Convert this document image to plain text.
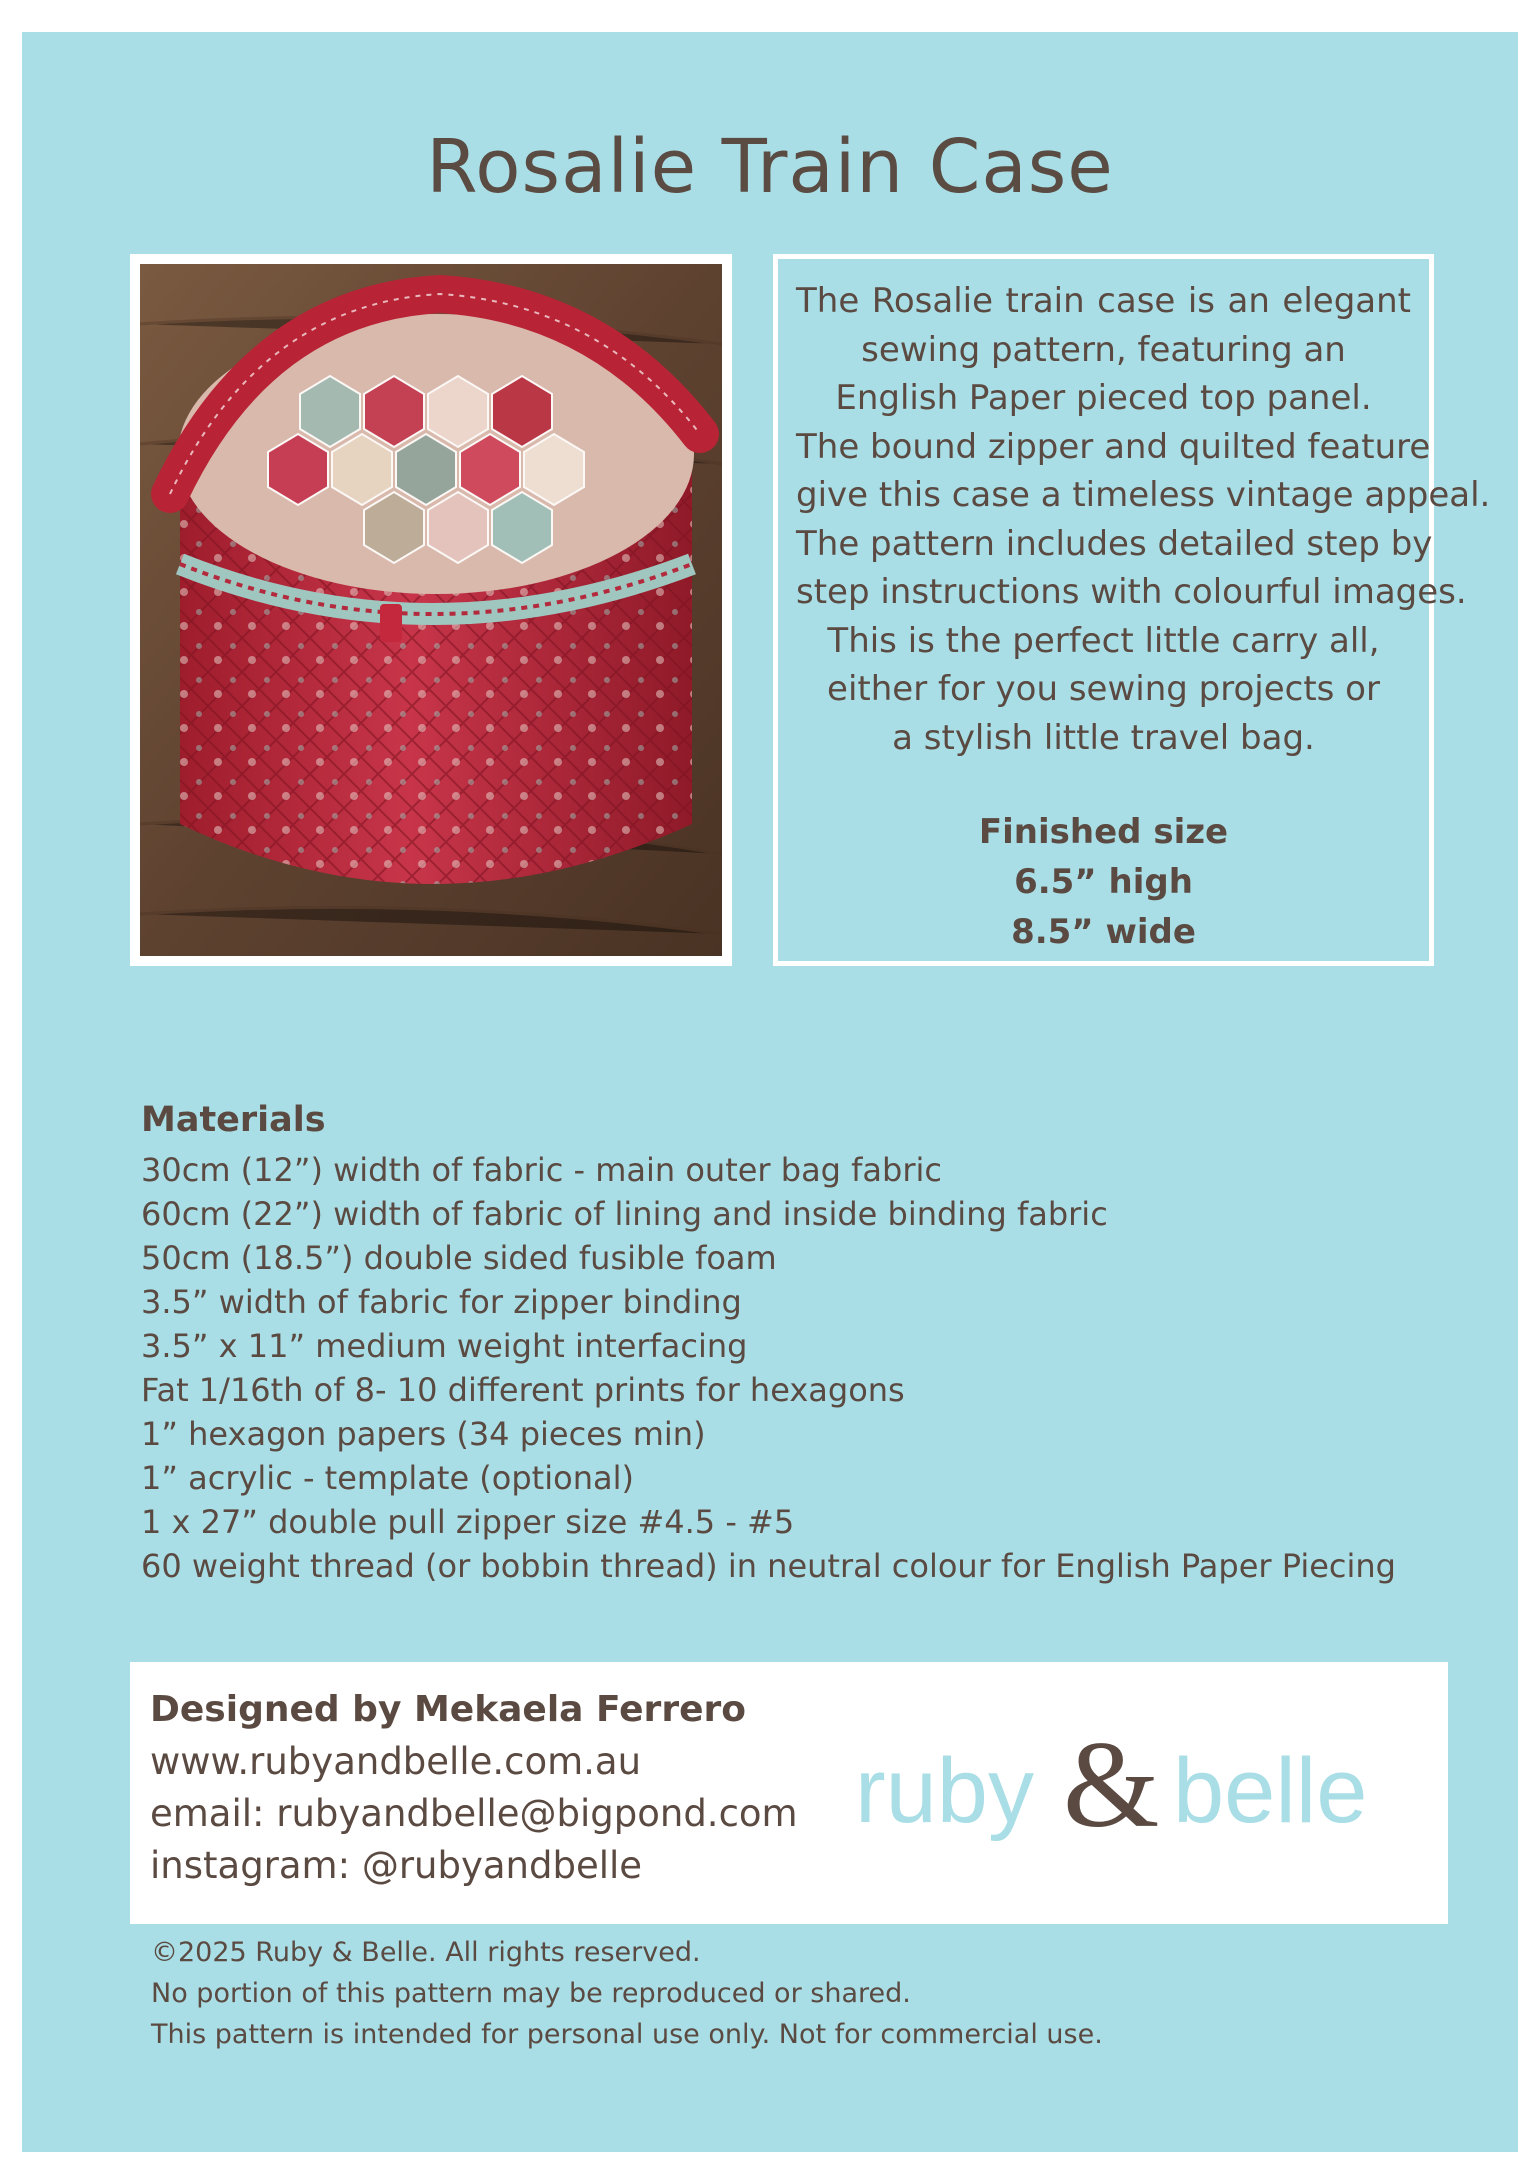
Rosalie Train Case
The Rosalie train case is an elegant
sewing pattern, featuring an
English Paper pieced top panel.
The bound zipper and quilted feature
give this case a timeless vintage appeal.
The pattern includes detailed step by
step instructions with colourful images.
This is the perfect little carry all,
either for you sewing projects or
a stylish little travel bag.
Finished size
6.5” high
8.5” wide
Materials
30cm (12”) width of fabric - main outer bag fabric
60cm (22”) width of fabric of lining and inside binding fabric
50cm (18.5”) double sided fusible foam
3.5” width of fabric for zipper binding
3.5” x 11” medium weight interfacing
Fat 1/16th of 8- 10 different prints for hexagons
1” hexagon papers (34 pieces min)
1” acrylic - template (optional)
1 x 27” double pull zipper size #4.5 - #5
60 weight thread (or bobbin thread) in neutral colour for English Paper Piecing
Designed by Mekaela Ferrero
www.rubyandbelle.com.au
email: rubyandbelle@bigpond.com
instagram: @rubyandbelle
ruby & belle
©2025 Ruby & Belle. All rights reserved.
No portion of this pattern may be reproduced or shared.
This pattern is intended for personal use only. Not for commercial use.
